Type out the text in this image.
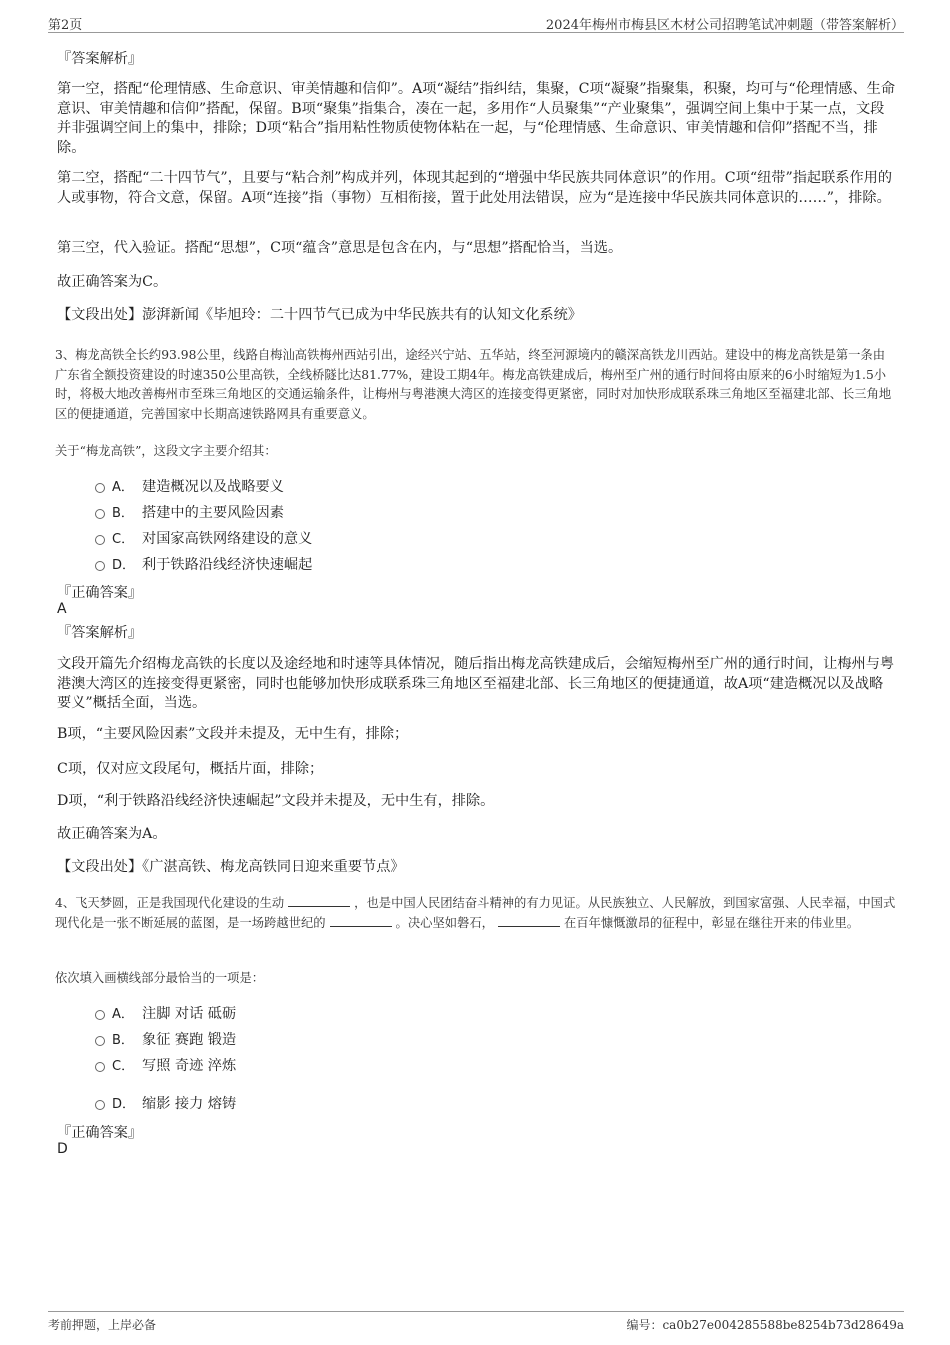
第2页	2024年梅州市梅县区木材公司招聘笔试冲刺题（带答案解析）
『答案解析』
第一空，搭配“伦理情感、生命意识、审美情趣和信仰”。A项“凝结”指纠结，集聚，C项“凝聚”指聚集，积聚，均可与“伦理情感、生命意识、审美情趣和信仰”搭配，保留。B项“聚集”指集合，凑在一起，多用作“人员聚集”“产业聚集”，强调空间上集中于某一点，文段并非强调空间上的集中，排除；D项“粘合”指用粘性物质使物体粘在一起，与“伦理情感、生命意识、审美情趣和信仰”搭配不当，排除。
第二空，搭配“二十四节气”，且要与“粘合剂”构成并列，体现其起到的“增强中华民族共同体意识”的作用。C项“纽带”指起联系作用的人或事物，符合文意，保留。A项“连接”指（事物）互相衔接，置于此处用法错误，应为“是连接中华民族共同体意识的……”，排除。
第三空，代入验证。搭配“思想”，C项“蕴含”意思是包含在内，与“思想”搭配恰当，当选。
故正确答案为C。
【文段出处】澎湃新闻《毕旭玲：二十四节气已成为中华民族共有的认知文化系统》
3、梅龙高铁全长约93.98公里，线路自梅汕高铁梅州西站引出，途经兴宁站、五华站，终至河源境内的赣深高铁龙川西站。建设中的梅龙高铁是第一条由广东省全额投资建设的时速350公里高铁，全线桥隧比达81.77%，建设工期4年。梅龙高铁建成后，梅州至广州的通行时间将由原来的6小时缩短为1.5小时，将极大地改善梅州市至珠三角地区的交通运输条件，让梅州与粤港澳大湾区的连接变得更紧密，同时对加快形成联系珠三角地区至福建北部、长三角地区的便捷通道，完善国家中长期高速铁路网具有重要意义。
关于“梅龙高铁”，这段文字主要介绍其：
A． 建造概况以及战略要义
B． 搭建中的主要风险因素
C． 对国家高铁网络建设的意义
D． 利于铁路沿线经济快速崛起
『正确答案』
A
『答案解析』
文段开篇先介绍梅龙高铁的长度以及途经地和时速等具体情况，随后指出梅龙高铁建成后，会缩短梅州至广州的通行时间，让梅州与粤港澳大湾区的连接变得更紧密，同时也能够加快形成联系珠三角地区至福建北部、长三角地区的便捷通道，故A项“建造概况以及战略要义”概括全面，当选。
B项，“主要风险因素”文段并未提及，无中生有，排除；
C项，仅对应文段尾句，概括片面，排除；
D项，“利于铁路沿线经济快速崛起”文段并未提及，无中生有，排除。
故正确答案为A。
【文段出处】《广湛高铁、梅龙高铁同日迎来重要节点》
4、飞天梦圆，正是我国现代化建设的生动	，也是中国人民团结奋斗精神的有力见证。从民族独立、人民解放，到国家富强、人民幸福，中国式现代化是一张不断延展的蓝图，是一场跨越世纪的	。决心坚如磐石，	在百年慷慨激昂的征程中，彰显在继往开来的伟业里。
依次填入画横线部分最恰当的一项是：
A． 注脚 对话 砥砺
B． 象征 赛跑 锻造
C． 写照 奇迹 淬炼
D． 缩影 接力 熔铸
『正确答案』
D
考前押题，上岸必备	编号：ca0b27e004285588be8254b73d28649a
